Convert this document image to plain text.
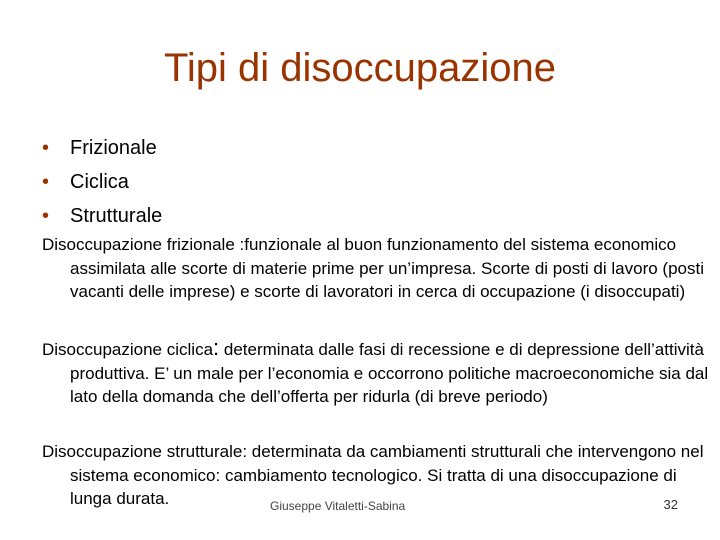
Tipi di disoccupazione
•	Frizionale
•	Ciclica
•	Strutturale

Disoccupazione frizionale :funzionale al buon funzionamento del sistema economico assimilata alle scorte di materie prime per un’impresa. Scorte di posti di lavoro (posti vacanti delle imprese) e scorte di lavoratori in cerca di occupazione (i disoccupati)

Disoccupazione ciclica: determinata dalle fasi di recessione e di depressione dell’attività produttiva. E’ un male per l’economia e occorrono politiche macroeconomiche sia dal lato della domanda che dell’offerta per ridurla (di breve periodo)

Disoccupazione strutturale: determinata da cambiamenti strutturali che intervengono nel sistema economico: cambiamento tecnologico. Si tratta di una disoccupazione di lunga durata.	Giuseppe Vitaletti-Sabina	32
